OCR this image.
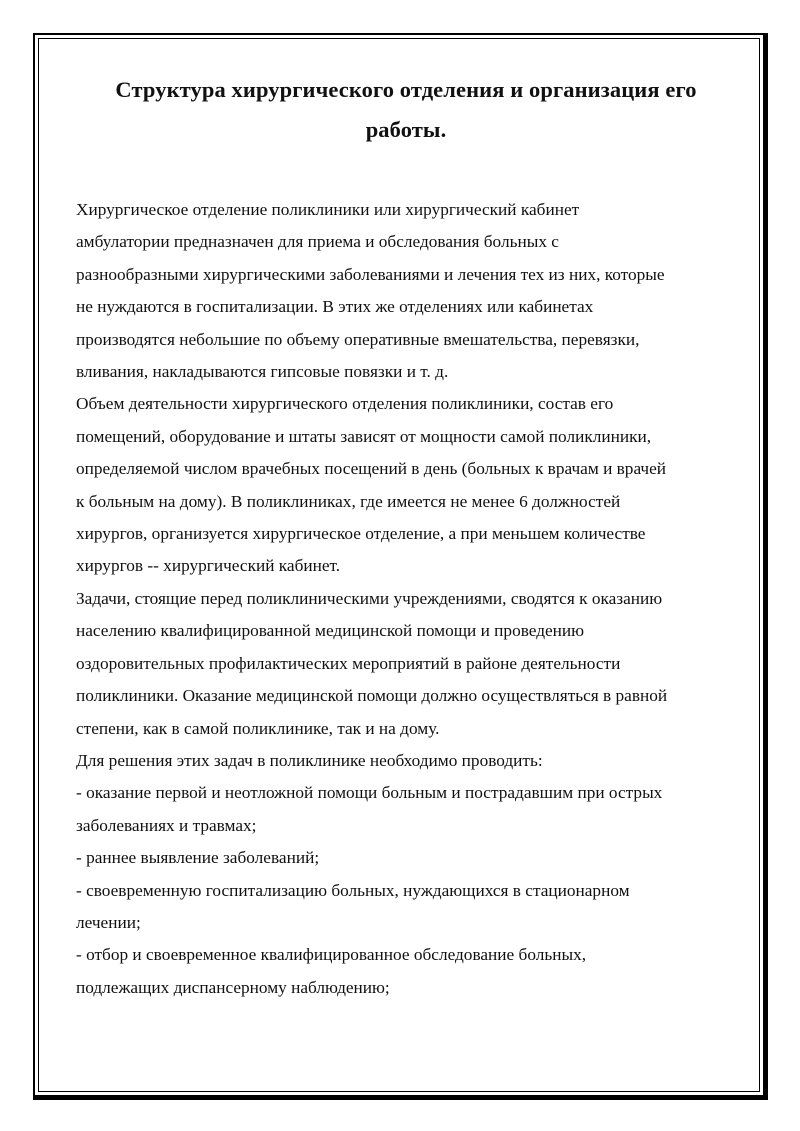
Структура хирургического отделения и организация его
работы.
Хирургическое отделение поликлиники или хирургический кабинет
амбулатории предназначен для приема и обследования больных с
разнообразными хирургическими заболеваниями и лечения тех из них, которые
не нуждаются в госпитализации. В этих же отделениях или кабинетах
производятся небольшие по объему оперативные вмешательства, перевязки,
вливания, накладываются гипсовые повязки и т. д.
Объем деятельности хирургического отделения поликлиники, состав его
помещений, оборудование и штаты зависят от мощности самой поликлиники,
определяемой числом врачебных посещений в день (больных к врачам и врачей
к больным на дому). В поликлиниках, где имеется не менее 6 должностей
хирургов, организуется хирургическое отделение, а при меньшем количестве
хирургов -- хирургический кабинет.
Задачи, стоящие перед поликлиническими учреждениями, сводятся к оказанию
населению квалифицированной медицинской помощи и проведению
оздоровительных профилактических мероприятий в районе деятельности
поликлиники. Оказание медицинской помощи должно осуществляться в равной
степени, как в самой поликлинике, так и на дому.
Для решения этих задач в поликлинике необходимо проводить:
- оказание первой и неотложной помощи больным и пострадавшим при острых
заболеваниях и травмах;
- раннее выявление заболеваний;
- своевременную госпитализацию больных, нуждающихся в стационарном
лечении;
- отбор и своевременное квалифицированное обследование больных,
подлежащих диспансерному наблюдению;
